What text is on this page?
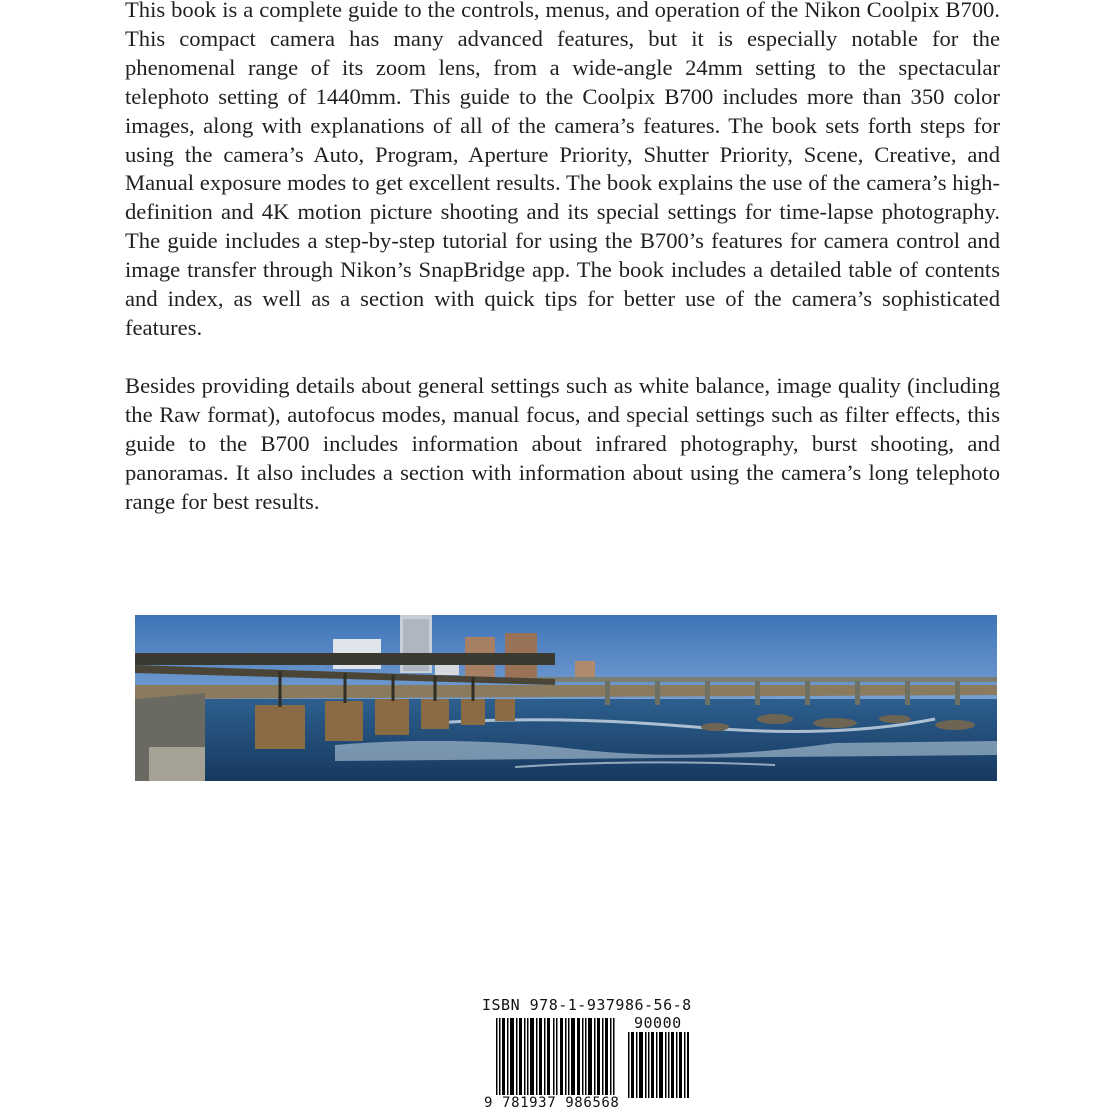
This book is a complete guide to the controls, menus, and operation of the Nikon Coolpix B700. This compact camera has many advanced features, but it is especially notable for the phenomenal range of its zoom lens, from a wide-angle 24mm setting to the spectacular telephoto setting of 1440mm. This guide to the Coolpix B700 includes more than 350 color images, along with explanations of all of the camera’s features. The book sets forth steps for using the camera’s Auto, Program, Aperture Priority, Shutter Priority, Scene, Creative, and Manual exposure modes to get excellent results. The book explains the use of the camera’s high-definition and 4K motion picture shooting and its special settings for time-lapse photography. The guide includes a step-by-step tutorial for using the B700’s features for camera control and image transfer through Nikon’s SnapBridge app. The book includes a detailed table of contents and index, as well as a section with quick tips for better use of the camera’s sophisticated features.

Besides providing details about general settings such as white balance, image quality (including the Raw format), autofocus modes, manual focus, and special settings such as filter effects, this guide to the B700 includes information about infrared photography, burst shooting, and panoramas. It also includes a section with information about using the camera’s long telephoto range for best results.

ISBN 978-1-937986-56-8
90000
9 781937 986568
